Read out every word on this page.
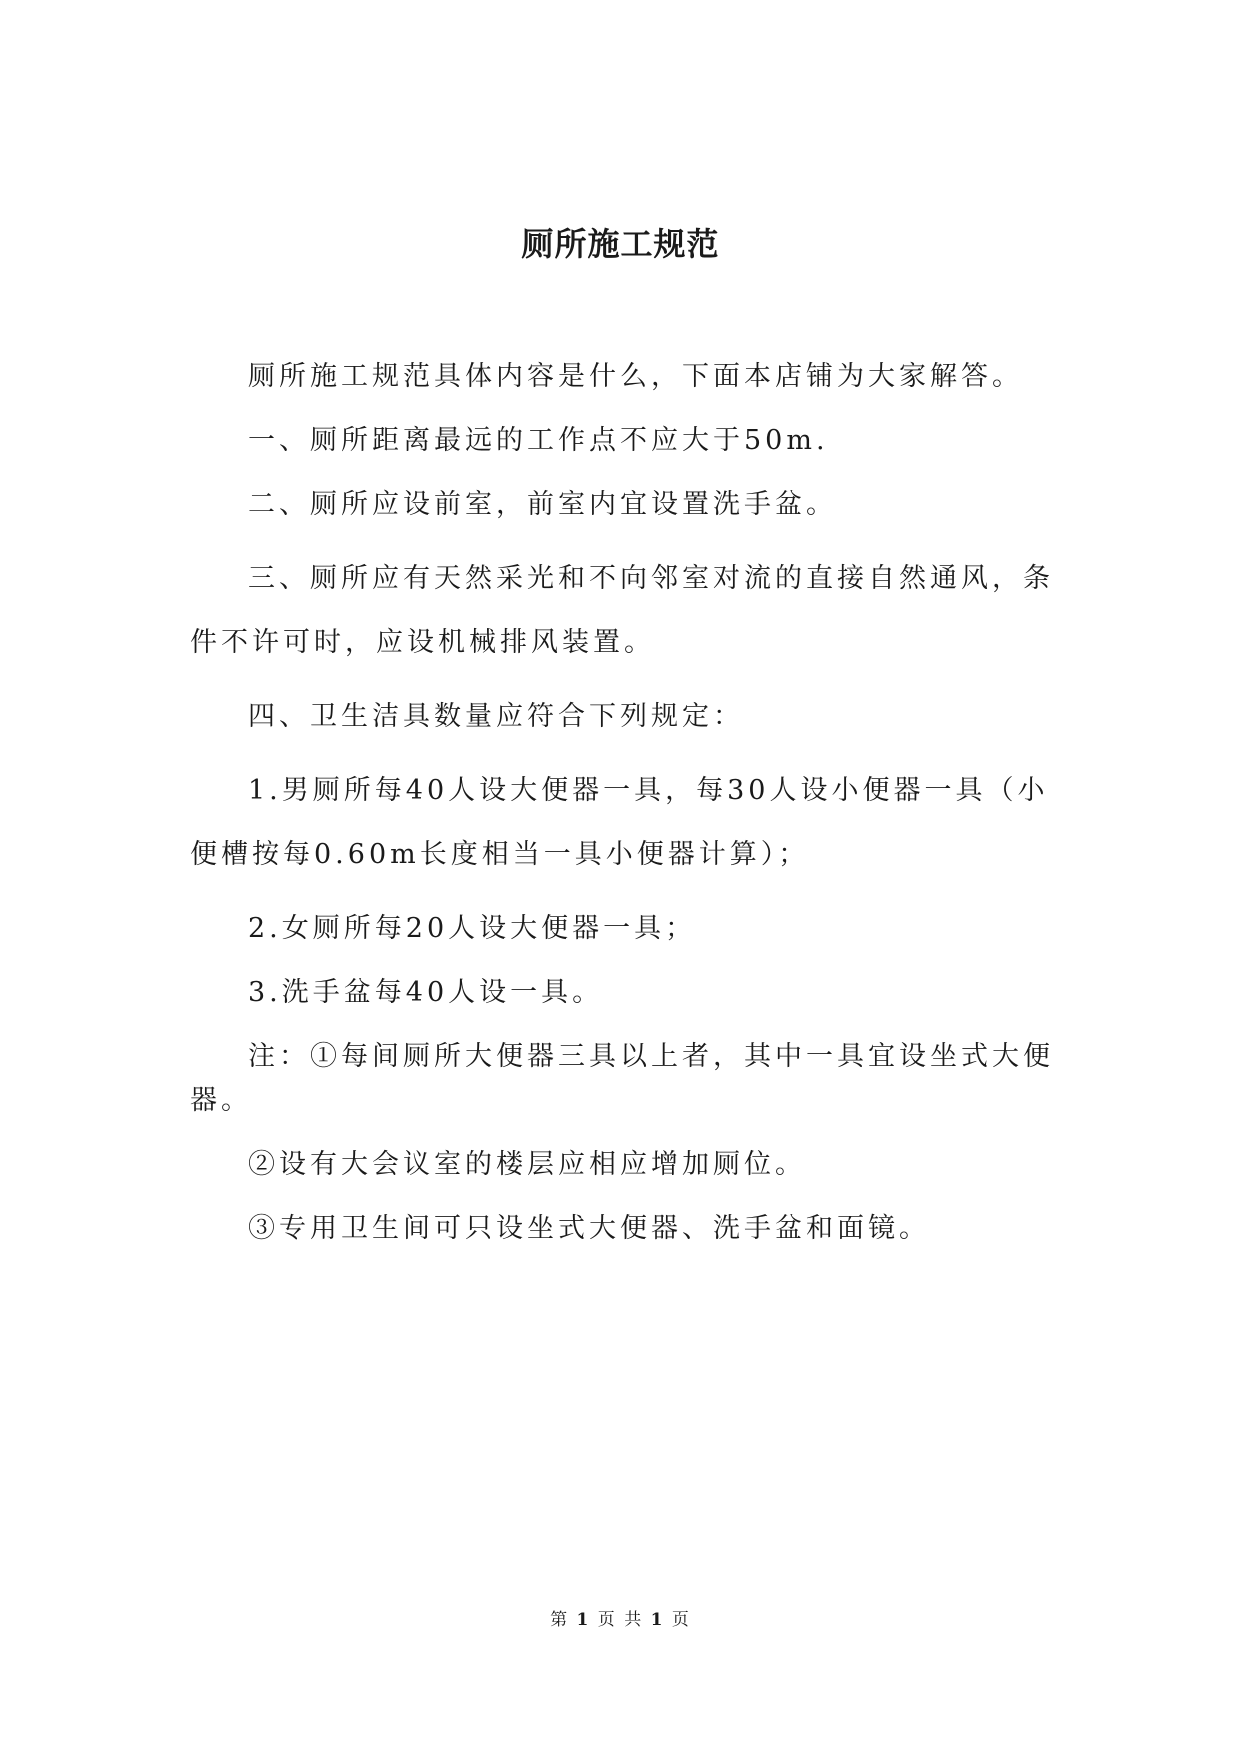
厕所施工规范

厕所施工规范具体内容是什么，下面本店铺为大家解答。

一、厕所距离最远的工作点不应大于50m.

二、厕所应设前室，前室内宜设置洗手盆。

三、厕所应有天然采光和不向邻室对流的直接自然通风，条件不许可时，应设机械排风装置。

四、卫生洁具数量应符合下列规定：

1.男厕所每40人设大便器一具，每30人设小便器一具（小便槽按每0.60m长度相当一具小便器计算）；

2.女厕所每20人设大便器一具；

3.洗手盆每40人设一具。

注：①每间厕所大便器三具以上者，其中一具宜设坐式大便器。

②设有大会议室的楼层应相应增加厕位。

③专用卫生间可只设坐式大便器、洗手盆和面镜。

第 1 页 共 1 页
